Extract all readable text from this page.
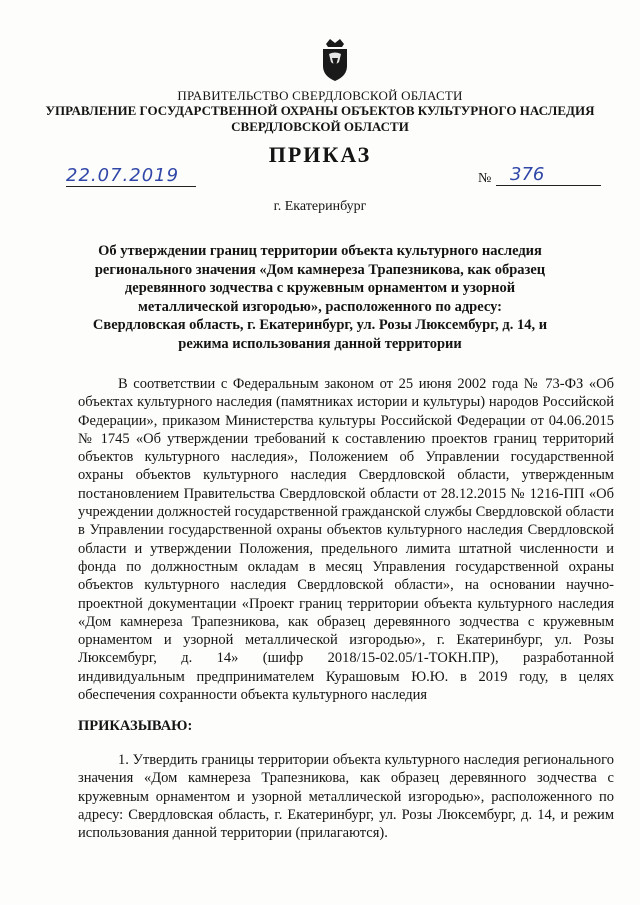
ПРАВИТЕЛЬСТВО СВЕРДЛОВСКОЙ ОБЛАСТИ
УПРАВЛЕНИЕ ГОСУДАРСТВЕННОЙ ОХРАНЫ ОБЪЕКТОВ КУЛЬТУРНОГО НАСЛЕДИЯ
СВЕРДЛОВСКОЙ ОБЛАСТИ
ПРИКАЗ
22.07.2019	№	376
г. Екатеринбург
Об утверждении границ территории объекта культурного наследия регионального значения «Дом камнереза Трапезникова, как образец деревянного зодчества с кружевным орнаментом и узорной металлической изгородью», расположенного по адресу: Свердловская область, г. Екатеринбург, ул. Розы Люксембург, д. 14, и режима использования данной территории

В соответствии с Федеральным законом от 25 июня 2002 года № 73-ФЗ «Об объектах культурного наследия (памятниках истории и культуры) народов Российской Федерации», приказом Министерства культуры Российской Федерации от 04.06.2015 № 1745 «Об утверждении требований к составлению проектов границ территорий объектов культурного наследия», Положением об Управлении государственной охраны объектов культурного наследия Свердловской области, утвержденным постановлением Правительства Свердловской области от 28.12.2015 № 1216-ПП «Об учреждении должностей государственной гражданской службы Свердловской области в Управлении государственной охраны объектов культурного наследия Свердловской области и утверждении Положения, предельного лимита штатной численности и фонда по должностным окладам в месяц Управления государственной охраны объектов культурного наследия Свердловской области», на основании научно-проектной документации «Проект границ территории объекта культурного наследия «Дом камнереза Трапезникова, как образец деревянного зодчества с кружевным орнаментом и узорной металлической изгородью», г. Екатеринбург, ул. Розы Люксембург, д. 14» (шифр 2018/15-02.05/1-ТОКН.ПР), разработанной индивидуальным предпринимателем Курашовым Ю.Ю. в 2019 году, в целях обеспечения сохранности объекта культурного наследия

ПРИКАЗЫВАЮ:

1. Утвердить границы территории объекта культурного наследия регионального значения «Дом камнереза Трапезникова, как образец деревянного зодчества с кружевным орнаментом и узорной металлической изгородью», расположенного по адресу: Свердловская область, г. Екатеринбург, ул. Розы Люксембург, д. 14, и режим использования данной территории (прилагаются).
